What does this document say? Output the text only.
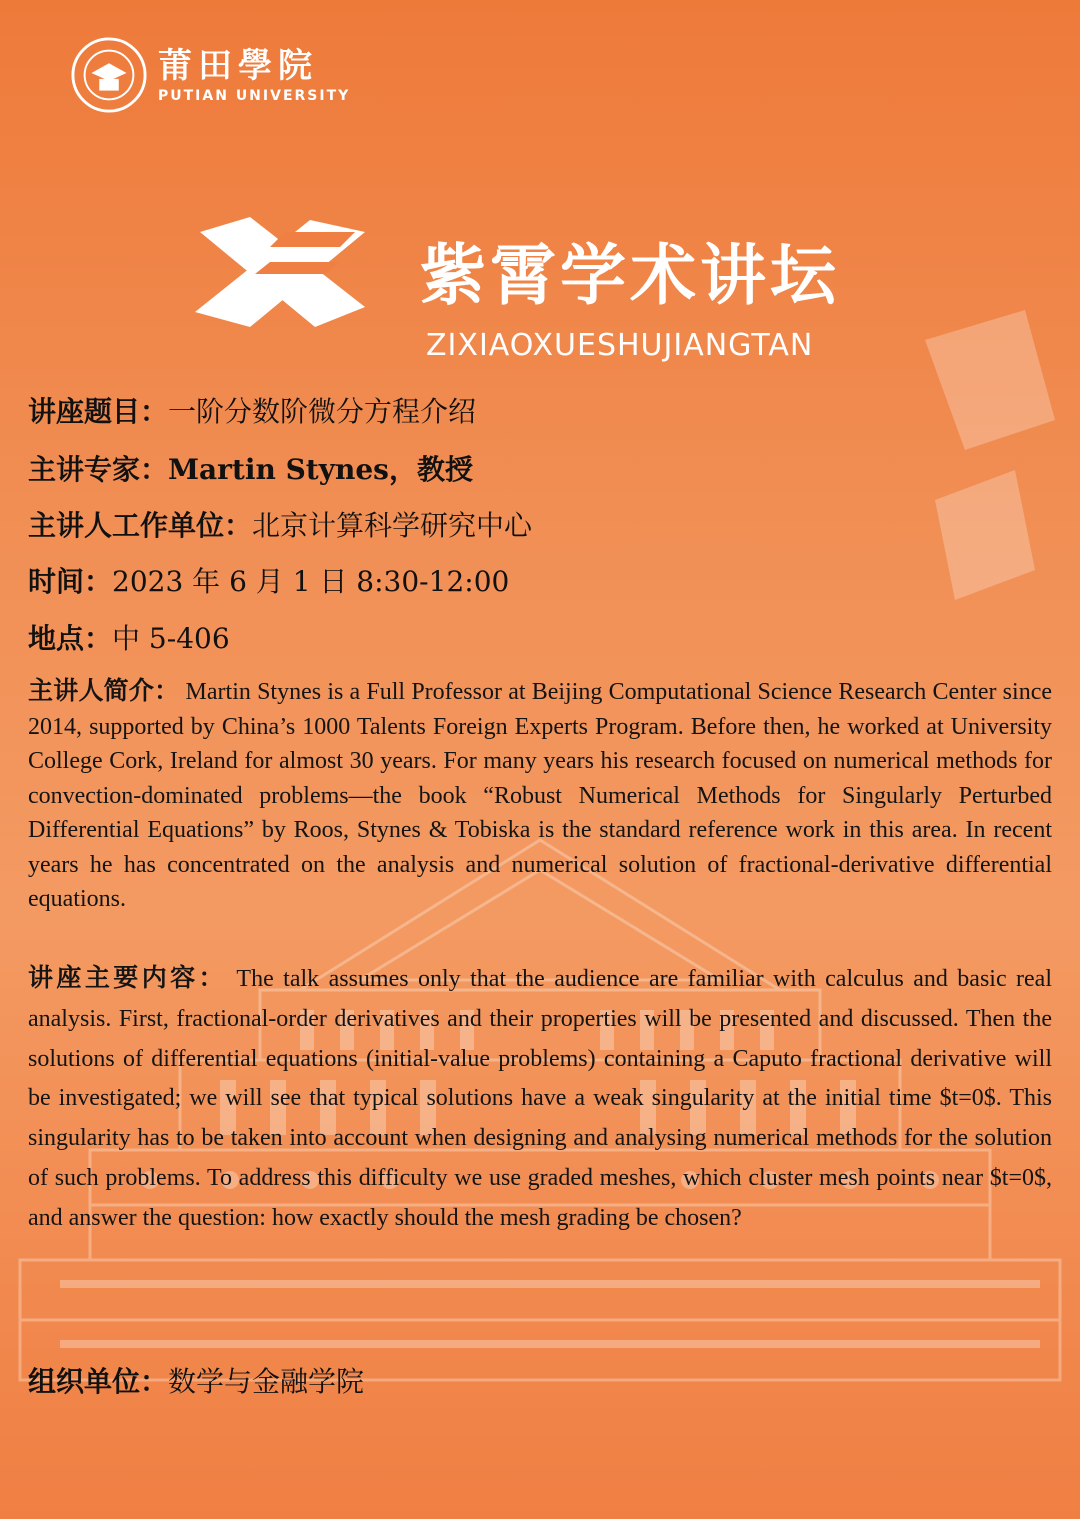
莆田學院
PUTIAN UNIVERSITY
紫霄学术讲坛
ZIXIAOXUESHUJIANGTAN
讲座题目：一阶分数阶微分方程介绍
主讲专家：Martin Stynes，教授
主讲人工作单位：北京计算科学研究中心
时间：2023 年 6 月 1 日 8:30-12:00
地点：中 5-406
主讲人简介： Martin Stynes is a Full Professor at Beijing Computational Science Research Center since 2014, supported by China’s 1000 Talents Foreign Experts Program. Before then, he worked at University College Cork, Ireland for almost 30 years. For many years his research focused on numerical methods for convection-dominated problems—the book “Robust Numerical Methods for Singularly Perturbed Differential Equations” by Roos, Stynes & Tobiska is the standard reference work in this area. In recent years he has concentrated on the analysis and numerical solution of fractional-derivative differential equations.
讲座主要内容： The talk assumes only that the audience are familiar with calculus and basic real analysis. First, fractional-order derivatives and their properties will be presented and discussed. Then the solutions of differential equations (initial-value problems) containing a Caputo fractional derivative will be investigated; we will see that typical solutions have a weak singularity at the initial time $t=0$. This singularity has to be taken into account when designing and analysing numerical methods for the solution of such problems. To address this difficulty we use graded meshes, which cluster mesh points near $t=0$, and answer the question: how exactly should the mesh grading be chosen?
组织单位：数学与金融学院
